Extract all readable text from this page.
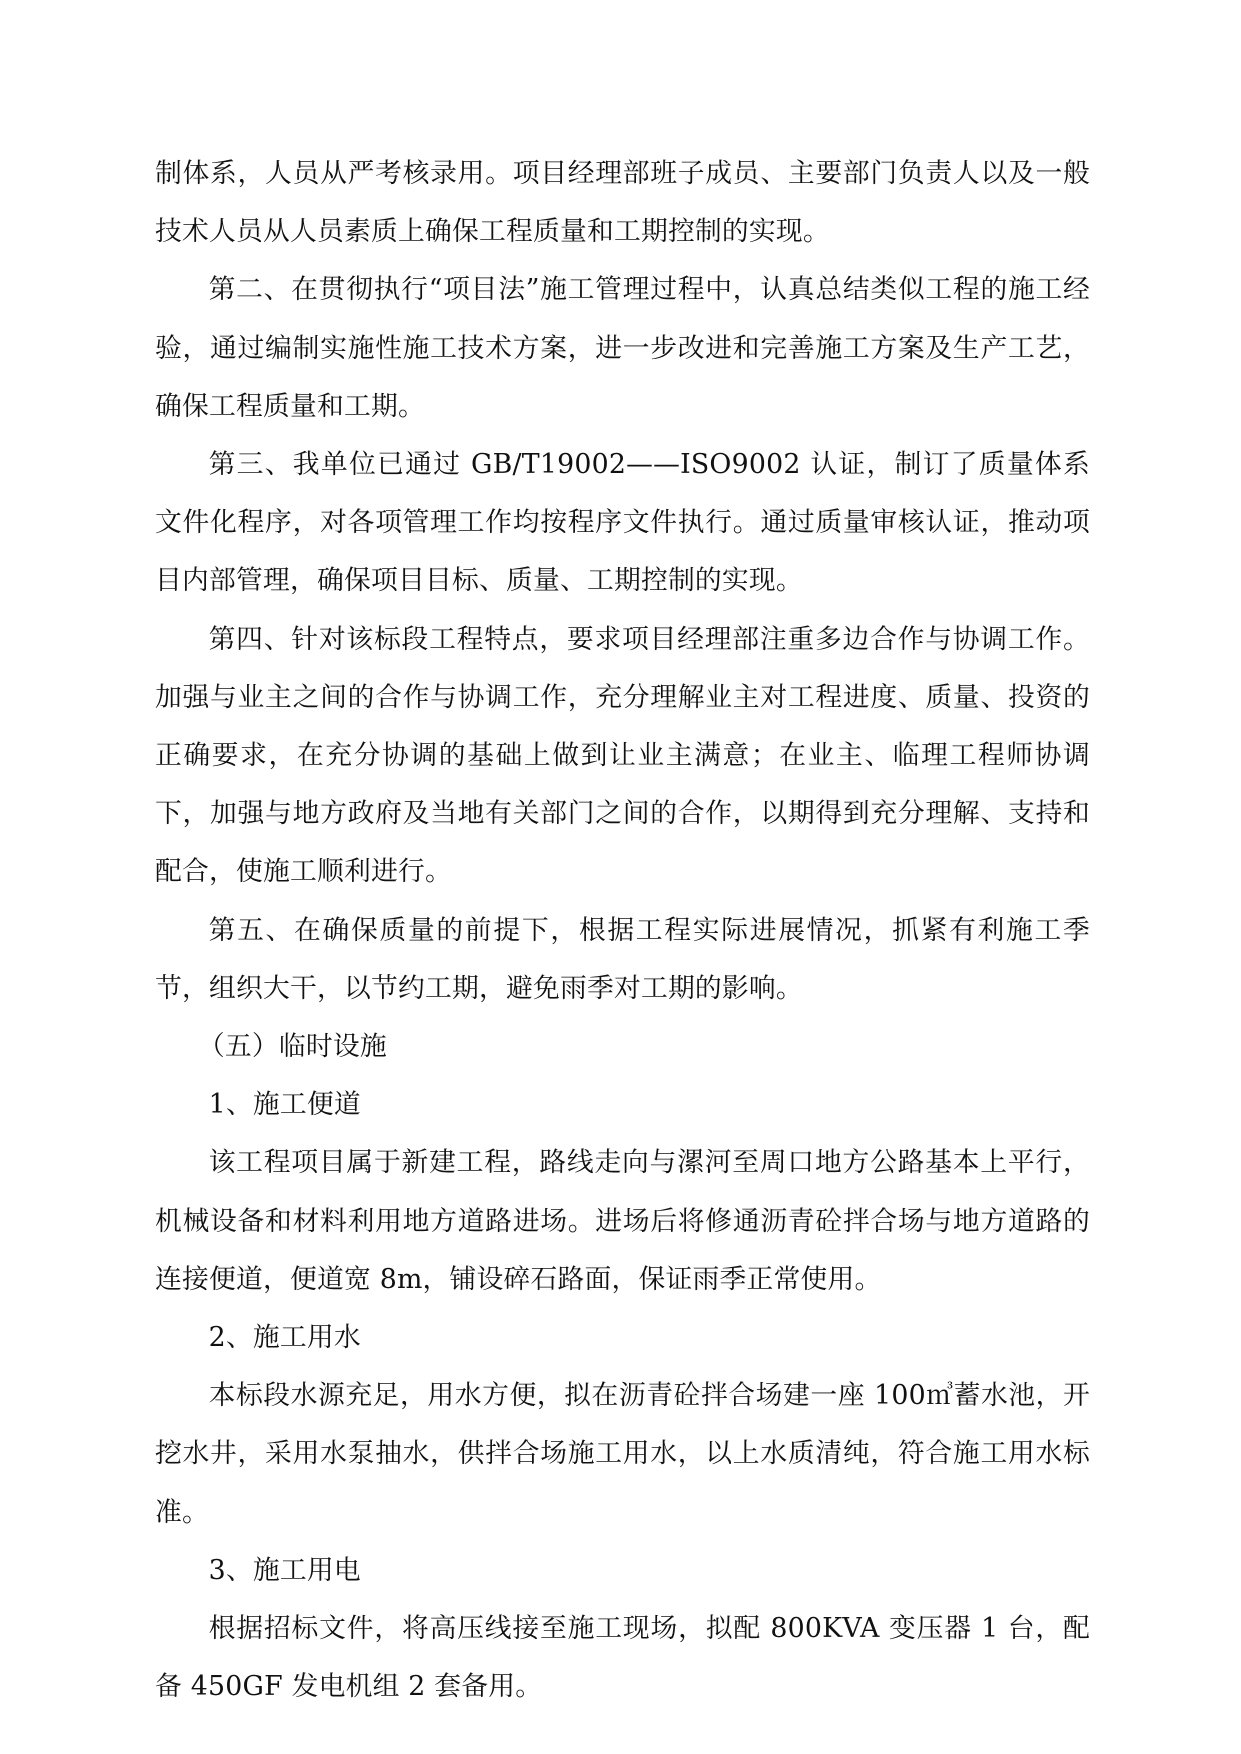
制体系，人员从严考核录用。项目经理部班子成员、主要部门负责人以及一般技术人员从人员素质上确保工程质量和工期控制的实现。

第二、在贯彻执行“项目法”施工管理过程中，认真总结类似工程的施工经验，通过编制实施性施工技术方案，进一步改进和完善施工方案及生产工艺，确保工程质量和工期。

第三、我单位已通过 GB/T19002——ISO9002 认证，制订了质量体系文件化程序，对各项管理工作均按程序文件执行。通过质量审核认证，推动项目内部管理，确保项目目标、质量、工期控制的实现。

第四、针对该标段工程特点，要求项目经理部注重多边合作与协调工作。加强与业主之间的合作与协调工作，充分理解业主对工程进度、质量、投资的正确要求，在充分协调的基础上做到让业主满意；在业主、临理工程师协调下，加强与地方政府及当地有关部门之间的合作，以期得到充分理解、支持和配合，使施工顺利进行。

第五、在确保质量的前提下，根据工程实际进展情况，抓紧有利施工季节，组织大干，以节约工期，避免雨季对工期的影响。

（五）临时设施

1、施工便道

该工程项目属于新建工程，路线走向与漯河至周口地方公路基本上平行，机械设备和材料利用地方道路进场。进场后将修通沥青砼拌合场与地方道路的连接便道，便道宽 8m，铺设碎石路面，保证雨季正常使用。

2、施工用水

本标段水源充足，用水方便，拟在沥青砼拌合场建一座 100㎥蓄水池，开挖水井，采用水泵抽水，供拌合场施工用水，以上水质清纯，符合施工用水标准。

3、施工用电

根据招标文件，将高压线接至施工现场，拟配 800KVA 变压器 1 台，配备 450GF 发电机组 2 套备用。
